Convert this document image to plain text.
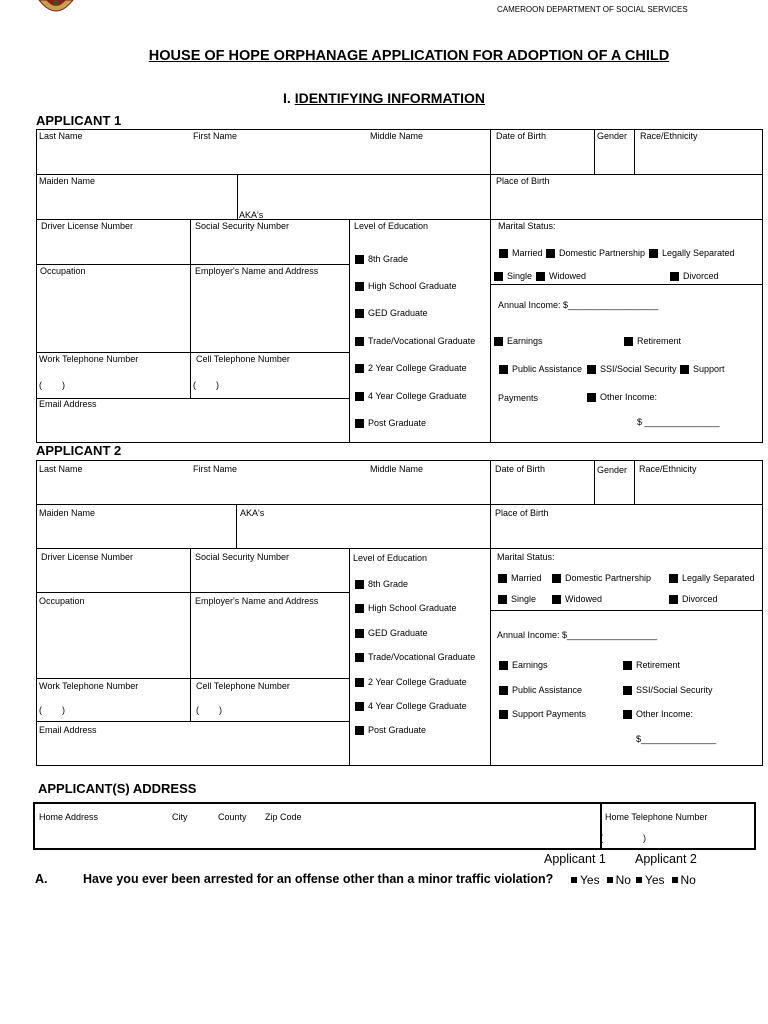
CAMEROON DEPARTMENT OF SOCIAL SERVICES
HOUSE OF HOPE ORPHANAGE APPLICATION FOR ADOPTION OF A CHILD
I. IDENTIFYING INFORMATION
APPLICANT 1
Last Name	First Name	Middle Name	Date of Birth	Gender Race/Ethnicity
Maiden Name
AKA's
Place of Birth
Driver License Number	Social Security Number	Level of Education
8th Grade
High School Graduate
GED Graduate
Trade/Vocational Graduate
2 Year College Graduate
4 Year College Graduate
Post Graduate
Marital Status:
Married Domestic Partnership Legally Separated
Single Widowed	Divorced
Occupation	Employer's Name and Address
Annual Income: $__________________
Earnings	Retirement
Public Assistance SSI/Social Security Support
Payments	Other Income:
$ _______________
Work Telephone Number
(        )
Cell Telephone Number
(        )
Email Address
APPLICANT 2
Last Name	First Name	Middle Name	Date of Birth	Gender Race/Ethnicity
Maiden Name	AKA's	Place of Birth
Driver License Number	Social Security Number	Level of Education
8th Grade
High School Graduate
GED Graduate
Trade/Vocational Graduate
2 Year College Graduate
4 Year College Graduate
Post Graduate
Marital Status:
Married	Domestic Partnership	Legally Separated
Single	Widowed	Divorced
Occupation	Employer's Name and Address
Annual Income: $__________________
Earnings	Retirement
Public Assistance	SSI/Social Security
Support Payments	Other Income:
$_______________
Work Telephone Number
(        )
Cell Telephone Number
(        )
Email Address
APPLICANT(S) ADDRESS
Home Address	City	County Zip Code	Home Telephone Number
(                )
Applicant 1 Applicant 2
A.	Have you ever been arrested for an offense other than a minor traffic violation? Yes No Yes No
